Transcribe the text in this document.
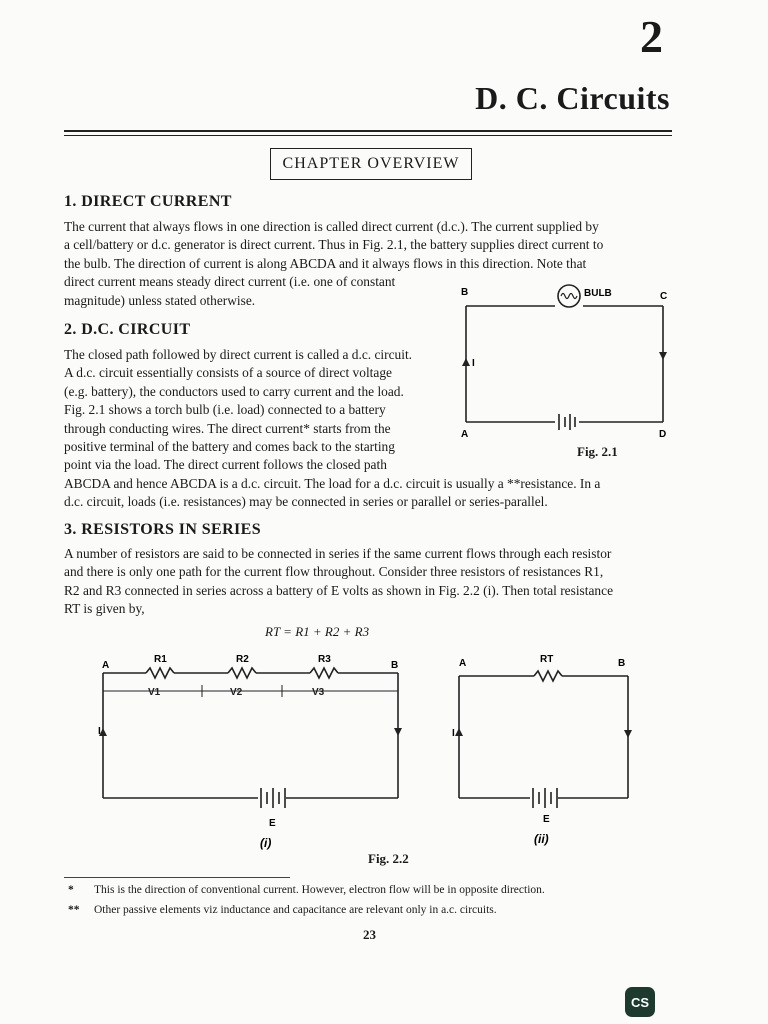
2
D. C. Circuits
CHAPTER OVERVIEW
1. DIRECT CURRENT
The current that always flows in one direction is called direct current (d.c.). The current supplied by
a cell/battery or d.c. generator is direct current. Thus in Fig. 2.1, the battery supplies direct current to
the bulb. The direction of current is along ABCDA and it always flows in this direction. Note that
direct current means steady direct current (i.e. one of constant
magnitude) unless stated otherwise.
2. D.C. CIRCUIT
The closed path followed by direct current is called a d.c. circuit.
A d.c. circuit essentially consists of a source of direct voltage
(e.g. battery), the conductors used to carry current and the load.
Fig. 2.1 shows a torch bulb (i.e. load) connected to a battery
through conducting wires. The direct current* starts from the
positive terminal of the battery and comes back to the starting
point via the load. The direct current follows the closed path
ABCDA and hence ABCDA is a d.c. circuit. The load for a d.c. circuit is usually a **resistance. In a
d.c. circuit, loads (i.e. resistances) may be connected in series or parallel or series-parallel.
B	C
A	D
I
BULB
Fig. 2.1
3. RESISTORS IN SERIES
A number of resistors are said to be connected in series if the same current flows through each resistor
and there is only one path for the current flow throughout. Consider three resistors of resistances R1,
R2 and R3 connected in series across a battery of E volts as shown in Fig. 2.2 (i). Then total resistance
RT is given by,
RT = R1 + R2 + R3
A	B
R1	R2	R3
V1	V2	V3
I
E
(i)
A	B
RT
I
E
(ii)
Fig. 2.2
* This is the direction of conventional current. However, electron flow will be in opposite direction.
** Other passive elements viz inductance and capacitance are relevant only in a.c. circuits.
23
CS
